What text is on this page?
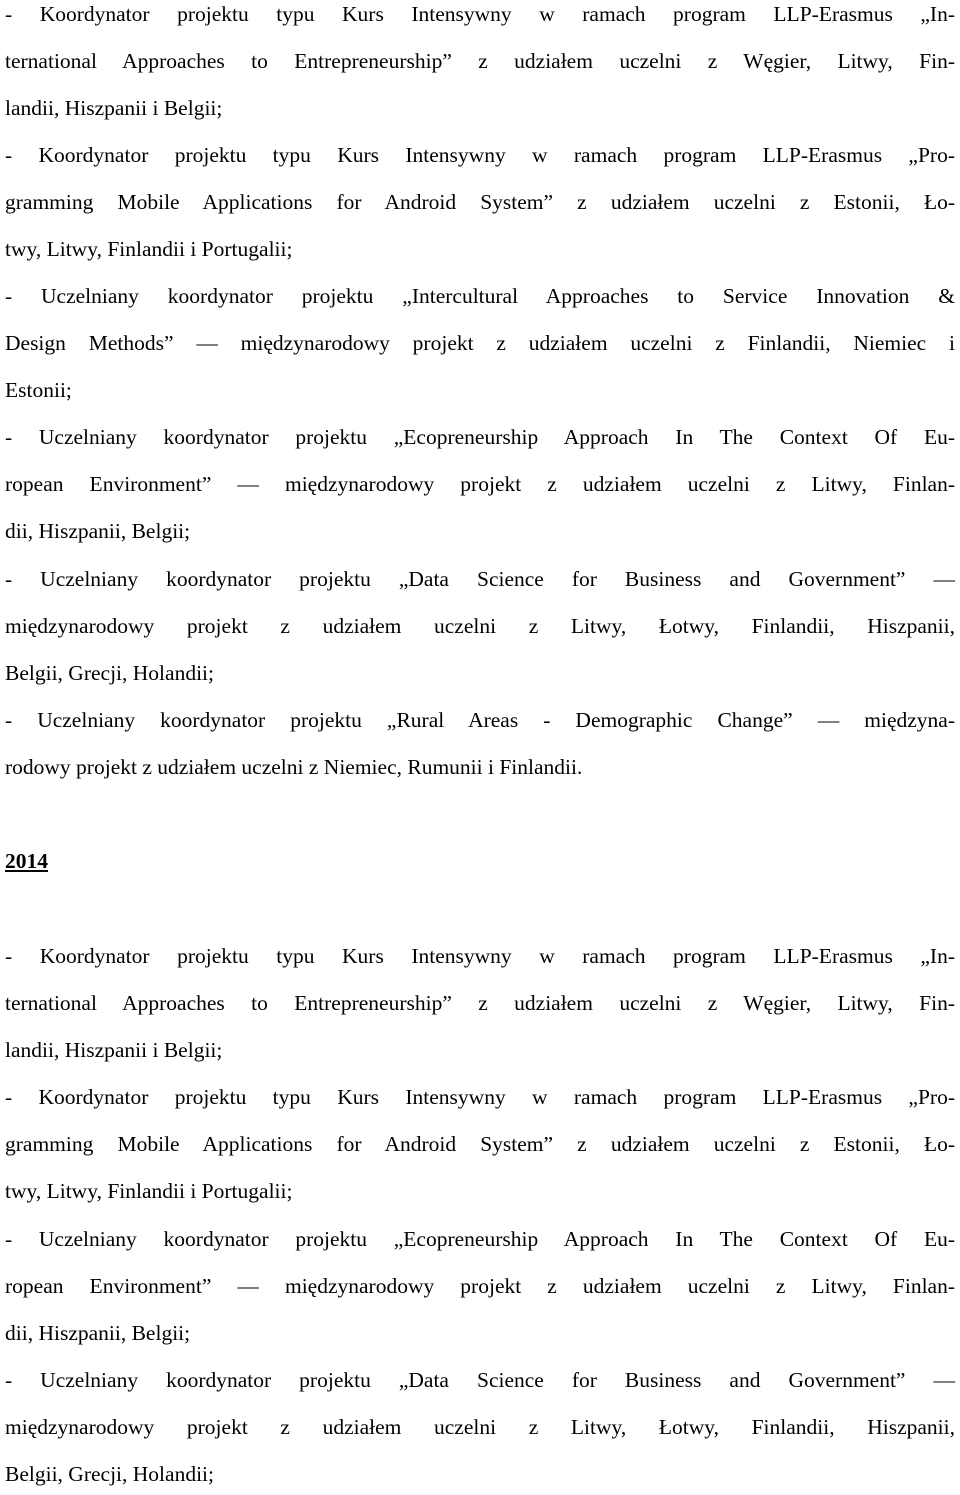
- Koordynator projektu typu Kurs Intensywny w ramach program LLP-Erasmus „In-
ternational Approaches to Entrepreneurship” z udziałem uczelni z Węgier, Litwy, Fin-
landii, Hiszpanii i Belgii;
- Koordynator projektu typu Kurs Intensywny w ramach program LLP-Erasmus „Pro-
gramming Mobile Applications for Android System” z udziałem uczelni z Estonii, Ło-
twy, Litwy, Finlandii i Portugalii;
- Uczelniany koordynator projektu „Intercultural Approaches to Service Innovation &
Design Methods” — międzynarodowy projekt z udziałem uczelni z Finlandii, Niemiec i
Estonii;
- Uczelniany koordynator projektu „Ecopreneurship Approach In The Context Of Eu-
ropean Environment” — międzynarodowy projekt z udziałem uczelni z Litwy, Finlan-
dii, Hiszpanii, Belgii;
- Uczelniany koordynator projektu „Data Science for Business and Government” —
międzynarodowy projekt z udziałem uczelni z Litwy, Łotwy, Finlandii, Hiszpanii,
Belgii, Grecji, Holandii;
- Uczelniany koordynator projektu „Rural Areas - Demographic Change” — międzyna-
rodowy projekt z udziałem uczelni z Niemiec, Rumunii i Finlandii.
2014
- Koordynator projektu typu Kurs Intensywny w ramach program LLP-Erasmus „In-
ternational Approaches to Entrepreneurship” z udziałem uczelni z Węgier, Litwy, Fin-
landii, Hiszpanii i Belgii;
- Koordynator projektu typu Kurs Intensywny w ramach program LLP-Erasmus „Pro-
gramming Mobile Applications for Android System” z udziałem uczelni z Estonii, Ło-
twy, Litwy, Finlandii i Portugalii;
- Uczelniany koordynator projektu „Ecopreneurship Approach In The Context Of Eu-
ropean Environment” — międzynarodowy projekt z udziałem uczelni z Litwy, Finlan-
dii, Hiszpanii, Belgii;
- Uczelniany koordynator projektu „Data Science for Business and Government” —
międzynarodowy projekt z udziałem uczelni z Litwy, Łotwy, Finlandii, Hiszpanii,
Belgii, Grecji, Holandii;
